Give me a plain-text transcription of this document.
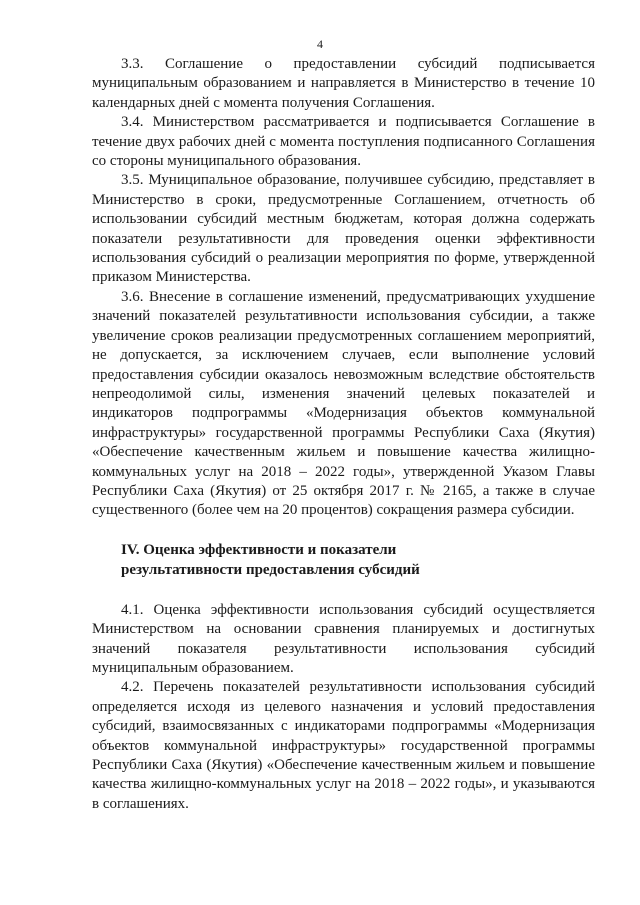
4

3.3. Соглашение о предоставлении субсидий подписывается муниципальным образованием и направляется в Министерство в течение 10 календарных дней с момента получения Соглашения.

3.4. Министерством рассматривается и подписывается Соглашение в течение двух рабочих дней с момента поступления подписанного Соглашения со стороны муниципального образования.

3.5. Муниципальное образование, получившее субсидию, представляет в Министерство в сроки, предусмотренные Соглашением, отчетность об использовании субсидий местным бюджетам, которая должна содержать показатели результативности для проведения оценки эффективности использования субсидий о реализации мероприятия по форме, утвержденной приказом Министерства.

3.6. Внесение в соглашение изменений, предусматривающих ухудшение значений показателей результативности использования субсидии, а также увеличение сроков реализации предусмотренных соглашением мероприятий, не допускается, за исключением случаев, если выполнение условий предоставления субсидии оказалось невозможным вследствие обстоятельств непреодолимой силы, изменения значений целевых показателей и индикаторов подпрограммы «Модернизация объектов коммунальной инфраструктуры» государственной программы Республики Саха (Якутия) «Обеспечение качественным жильем и повышение качества жилищно-коммунальных услуг на 2018 – 2022 годы», утвержденной Указом Главы Республики Саха (Якутия) от 25 октября 2017 г. № 2165, а также в случае существенного (более чем на 20 процентов) сокращения размера субсидии.

IV. Оценка эффективности и показатели

результативности предоставления субсидий

4.1. Оценка эффективности использования субсидий осуществляется Министерством на основании сравнения планируемых и достигнутых значений показателя результативности использования субсидий муниципальным образованием.

4.2. Перечень показателей результативности использования субсидий определяется исходя из целевого назначения и условий предоставления субсидий, взаимосвязанных с индикаторами подпрограммы «Модернизация объектов коммунальной инфраструктуры» государственной программы Республики Саха (Якутия) «Обеспечение качественным жильем и повышение качества жилищно-коммунальных услуг на 2018 – 2022 годы», и указываются в соглашениях.
